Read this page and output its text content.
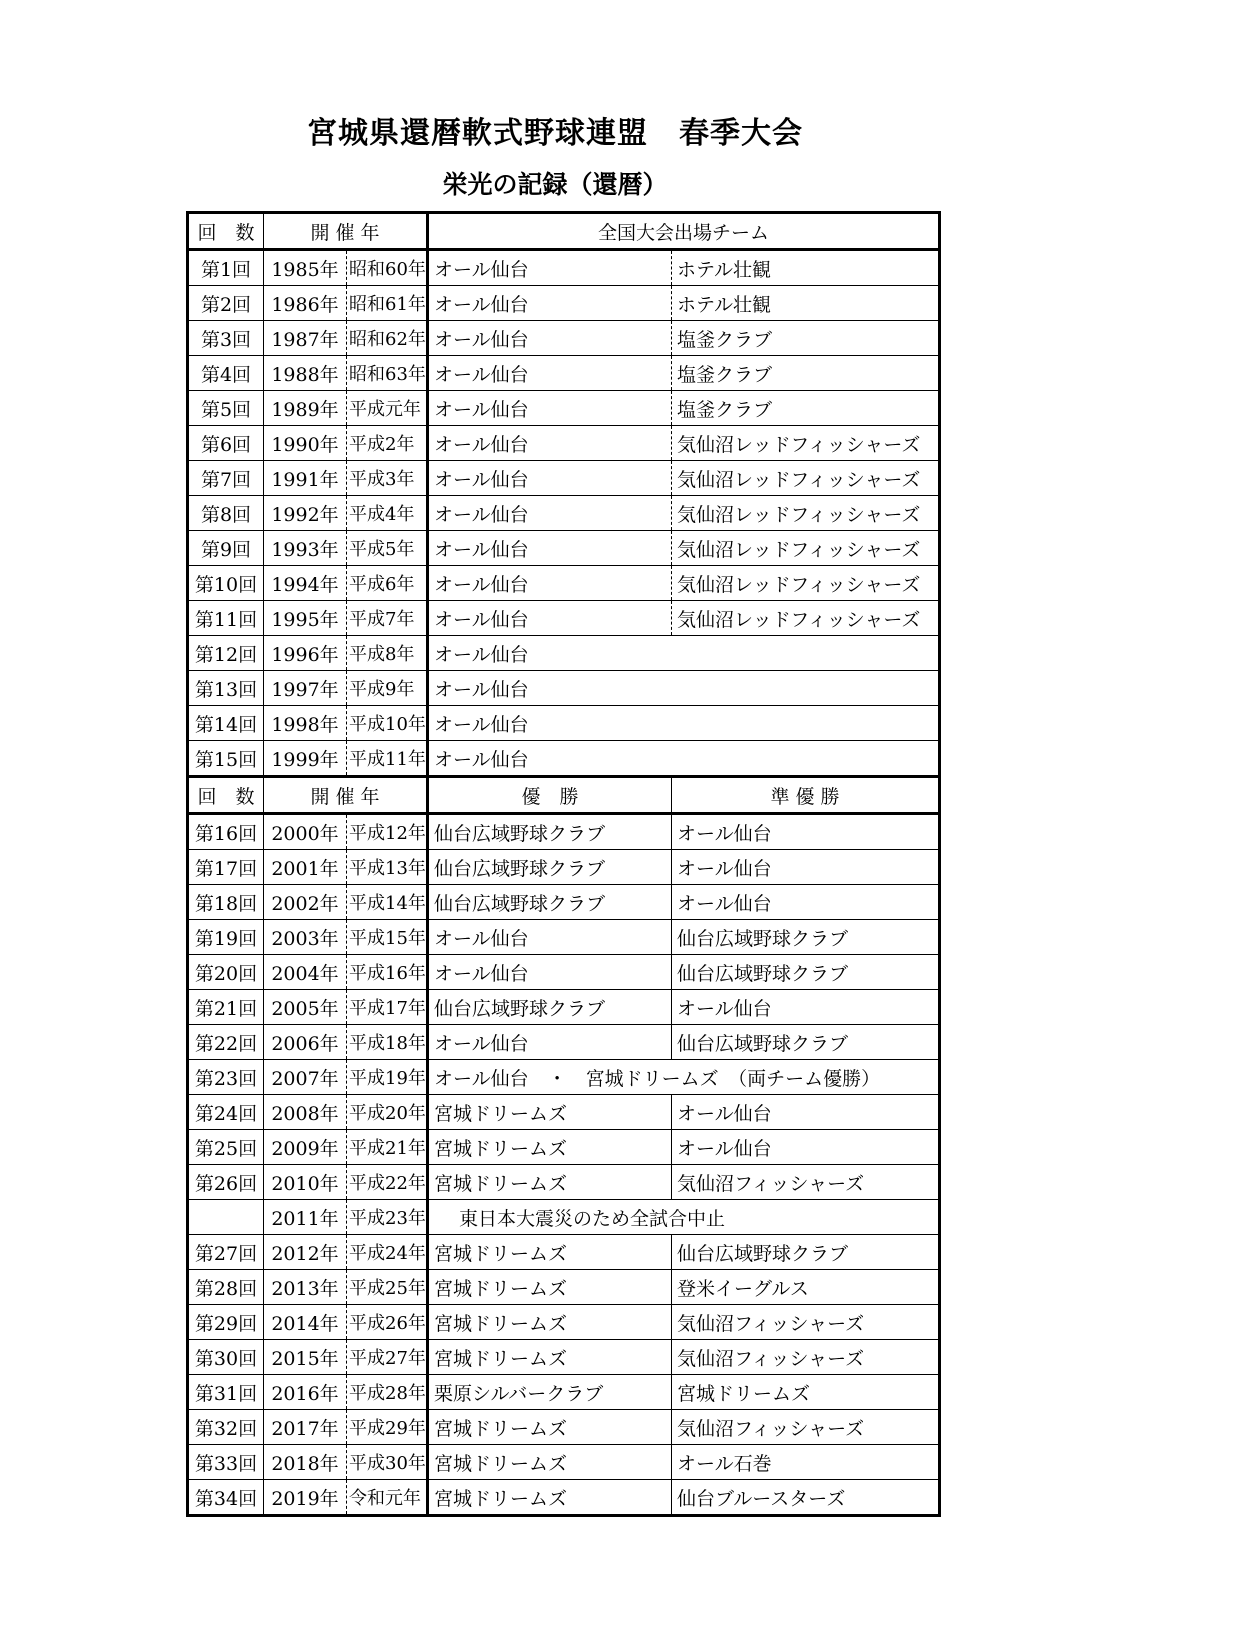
宮城県還暦軟式野球連盟　春季大会
栄光の記録（還暦）
回　数	開 催 年		全国大会出場チーム	
第1回	1985年	昭和60年	オール仙台	ホテル壮観
第2回	1986年	昭和61年	オール仙台	ホテル壮観
第3回	1987年	昭和62年	オール仙台	塩釜クラブ
第4回	1988年	昭和63年	オール仙台	塩釜クラブ
第5回	1989年	平成元年	オール仙台	塩釜クラブ
第6回	1990年	平成2年	オール仙台	気仙沼レッドフィッシャーズ
第7回	1991年	平成3年	オール仙台	気仙沼レッドフィッシャーズ
第8回	1992年	平成4年	オール仙台	気仙沼レッドフィッシャーズ
第9回	1993年	平成5年	オール仙台	気仙沼レッドフィッシャーズ
第10回	1994年	平成6年	オール仙台	気仙沼レッドフィッシャーズ
第11回	1995年	平成7年	オール仙台	気仙沼レッドフィッシャーズ
第12回	1996年	平成8年	オール仙台	
第13回	1997年	平成9年	オール仙台	
第14回	1998年	平成10年	オール仙台	
第15回	1999年	平成11年	オール仙台	
回　数	開 催 年		優　勝	準 優 勝
第16回	2000年	平成12年	仙台広域野球クラブ	オール仙台
第17回	2001年	平成13年	仙台広域野球クラブ	オール仙台
第18回	2002年	平成14年	仙台広域野球クラブ	オール仙台
第19回	2003年	平成15年	オール仙台	仙台広域野球クラブ
第20回	2004年	平成16年	オール仙台	仙台広域野球クラブ
第21回	2005年	平成17年	仙台広域野球クラブ	オール仙台
第22回	2006年	平成18年	オール仙台	仙台広域野球クラブ
第23回	2007年	平成19年	オール仙台　・　宮城ドリームズ　（両チーム優勝）	
第24回	2008年	平成20年	宮城ドリームズ	オール仙台
第25回	2009年	平成21年	宮城ドリームズ	オール仙台
第26回	2010年	平成22年	宮城ドリームズ	気仙沼フィッシャーズ
	2011年	平成23年	東日本大震災のため全試合中止	
第27回	2012年	平成24年	宮城ドリームズ	仙台広域野球クラブ
第28回	2013年	平成25年	宮城ドリームズ	登米イーグルス
第29回	2014年	平成26年	宮城ドリームズ	気仙沼フィッシャーズ
第30回	2015年	平成27年	宮城ドリームズ	気仙沼フィッシャーズ
第31回	2016年	平成28年	栗原シルバークラブ	宮城ドリームズ
第32回	2017年	平成29年	宮城ドリームズ	気仙沼フィッシャーズ
第33回	2018年	平成30年	宮城ドリームズ	オール石巻
第34回	2019年	令和元年	宮城ドリームズ	仙台ブルースターズ
